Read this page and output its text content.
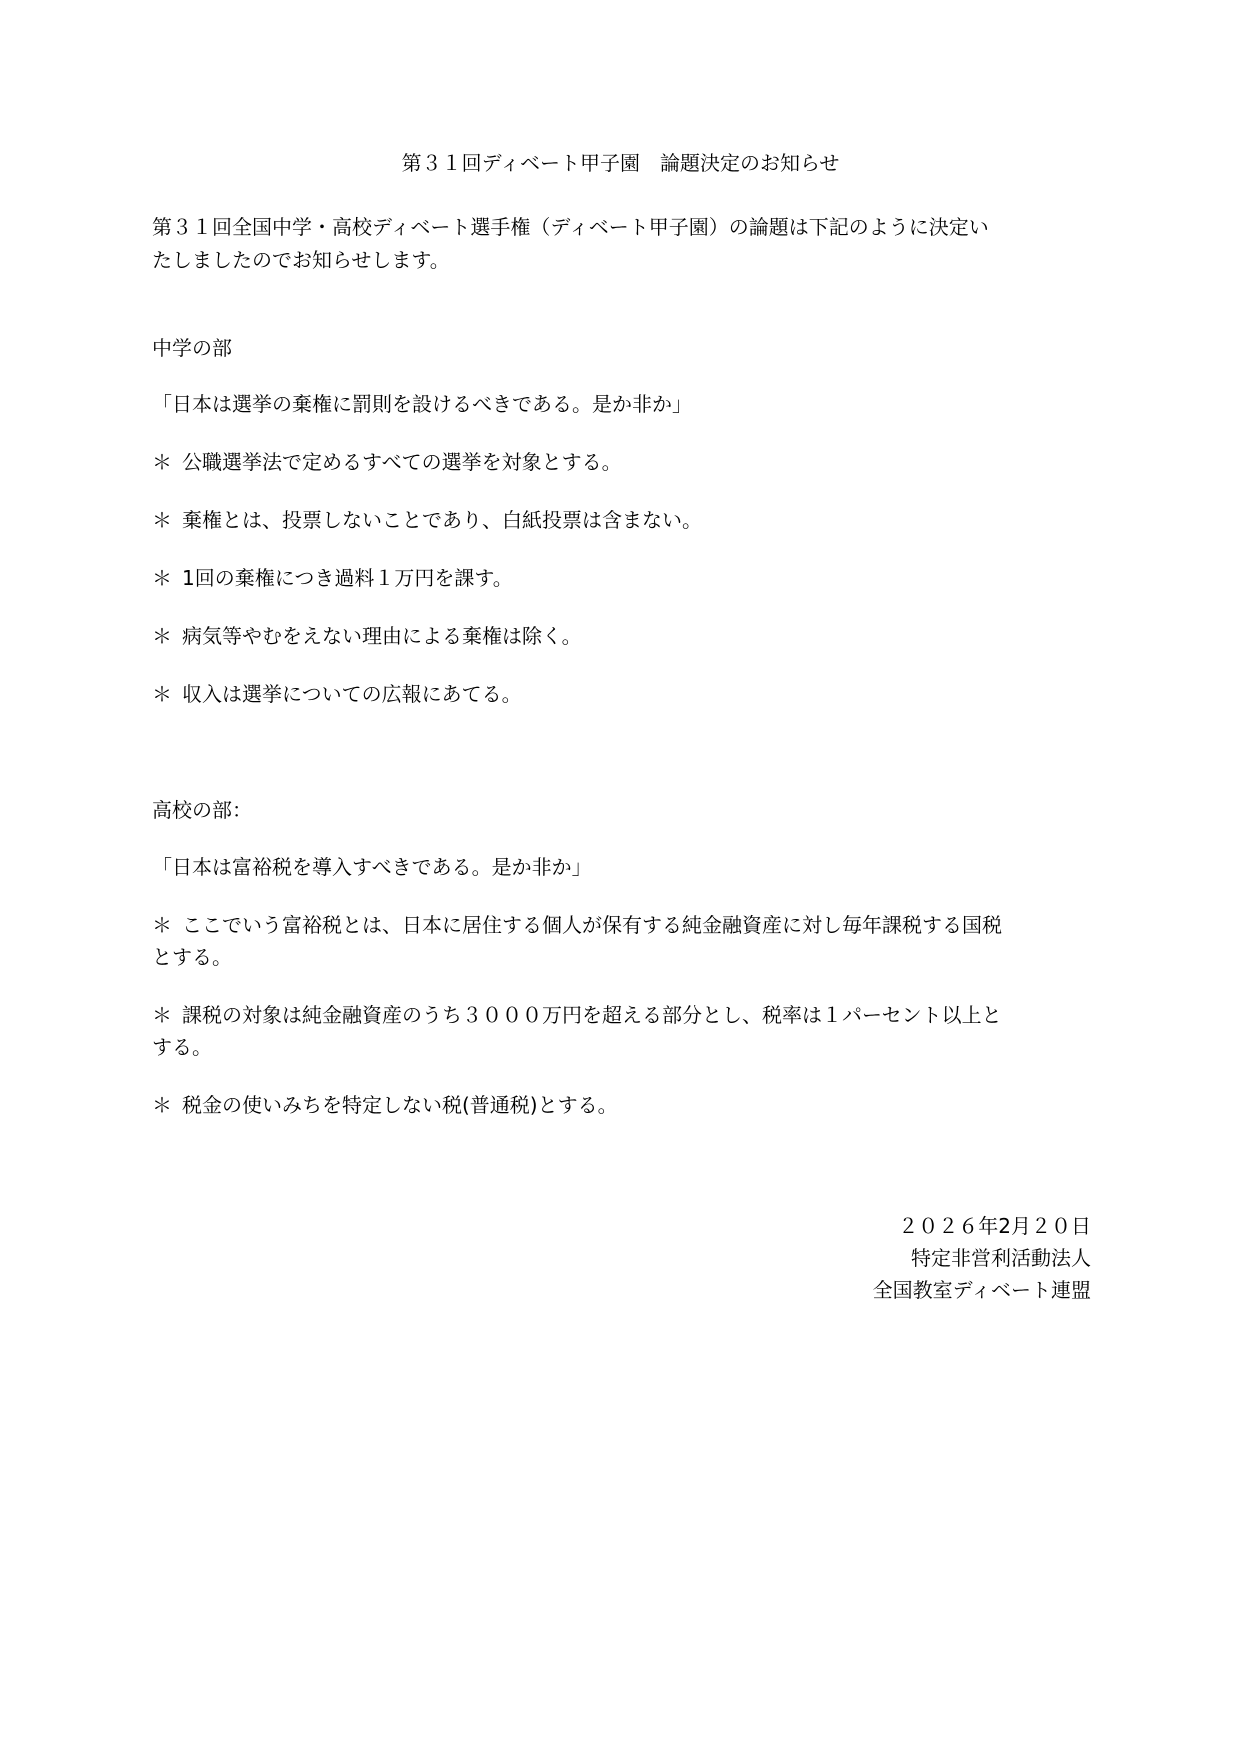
第３１回ディベート甲子園　論題決定のお知らせ

第３１回全国中学・高校ディベート選手権（ディベート甲子園）の論題は下記のように決定い

たしましたのでお知らせします。

中学の部

「日本は選挙の棄権に罰則を設けるべきである。是か非か」

＊ 公職選挙法で定めるすべての選挙を対象とする。

＊ 棄権とは、投票しないことであり、白紙投票は含まない。

＊ 1回の棄権につき過料１万円を課す。

＊ 病気等やむをえない理由による棄権は除く。

＊ 収入は選挙についての広報にあてる。

高校の部：

「日本は富裕税を導入すべきである。是か非か」

＊ ここでいう富裕税とは、日本に居住する個人が保有する純金融資産に対し毎年課税する国税

とする。

＊ 課税の対象は純金融資産のうち３０００万円を超える部分とし、税率は１パーセント以上と

する。

＊ 税金の使いみちを特定しない税(普通税)とする。

２０２６年2月２０日

特定非営利活動法人

全国教室ディベート連盟
